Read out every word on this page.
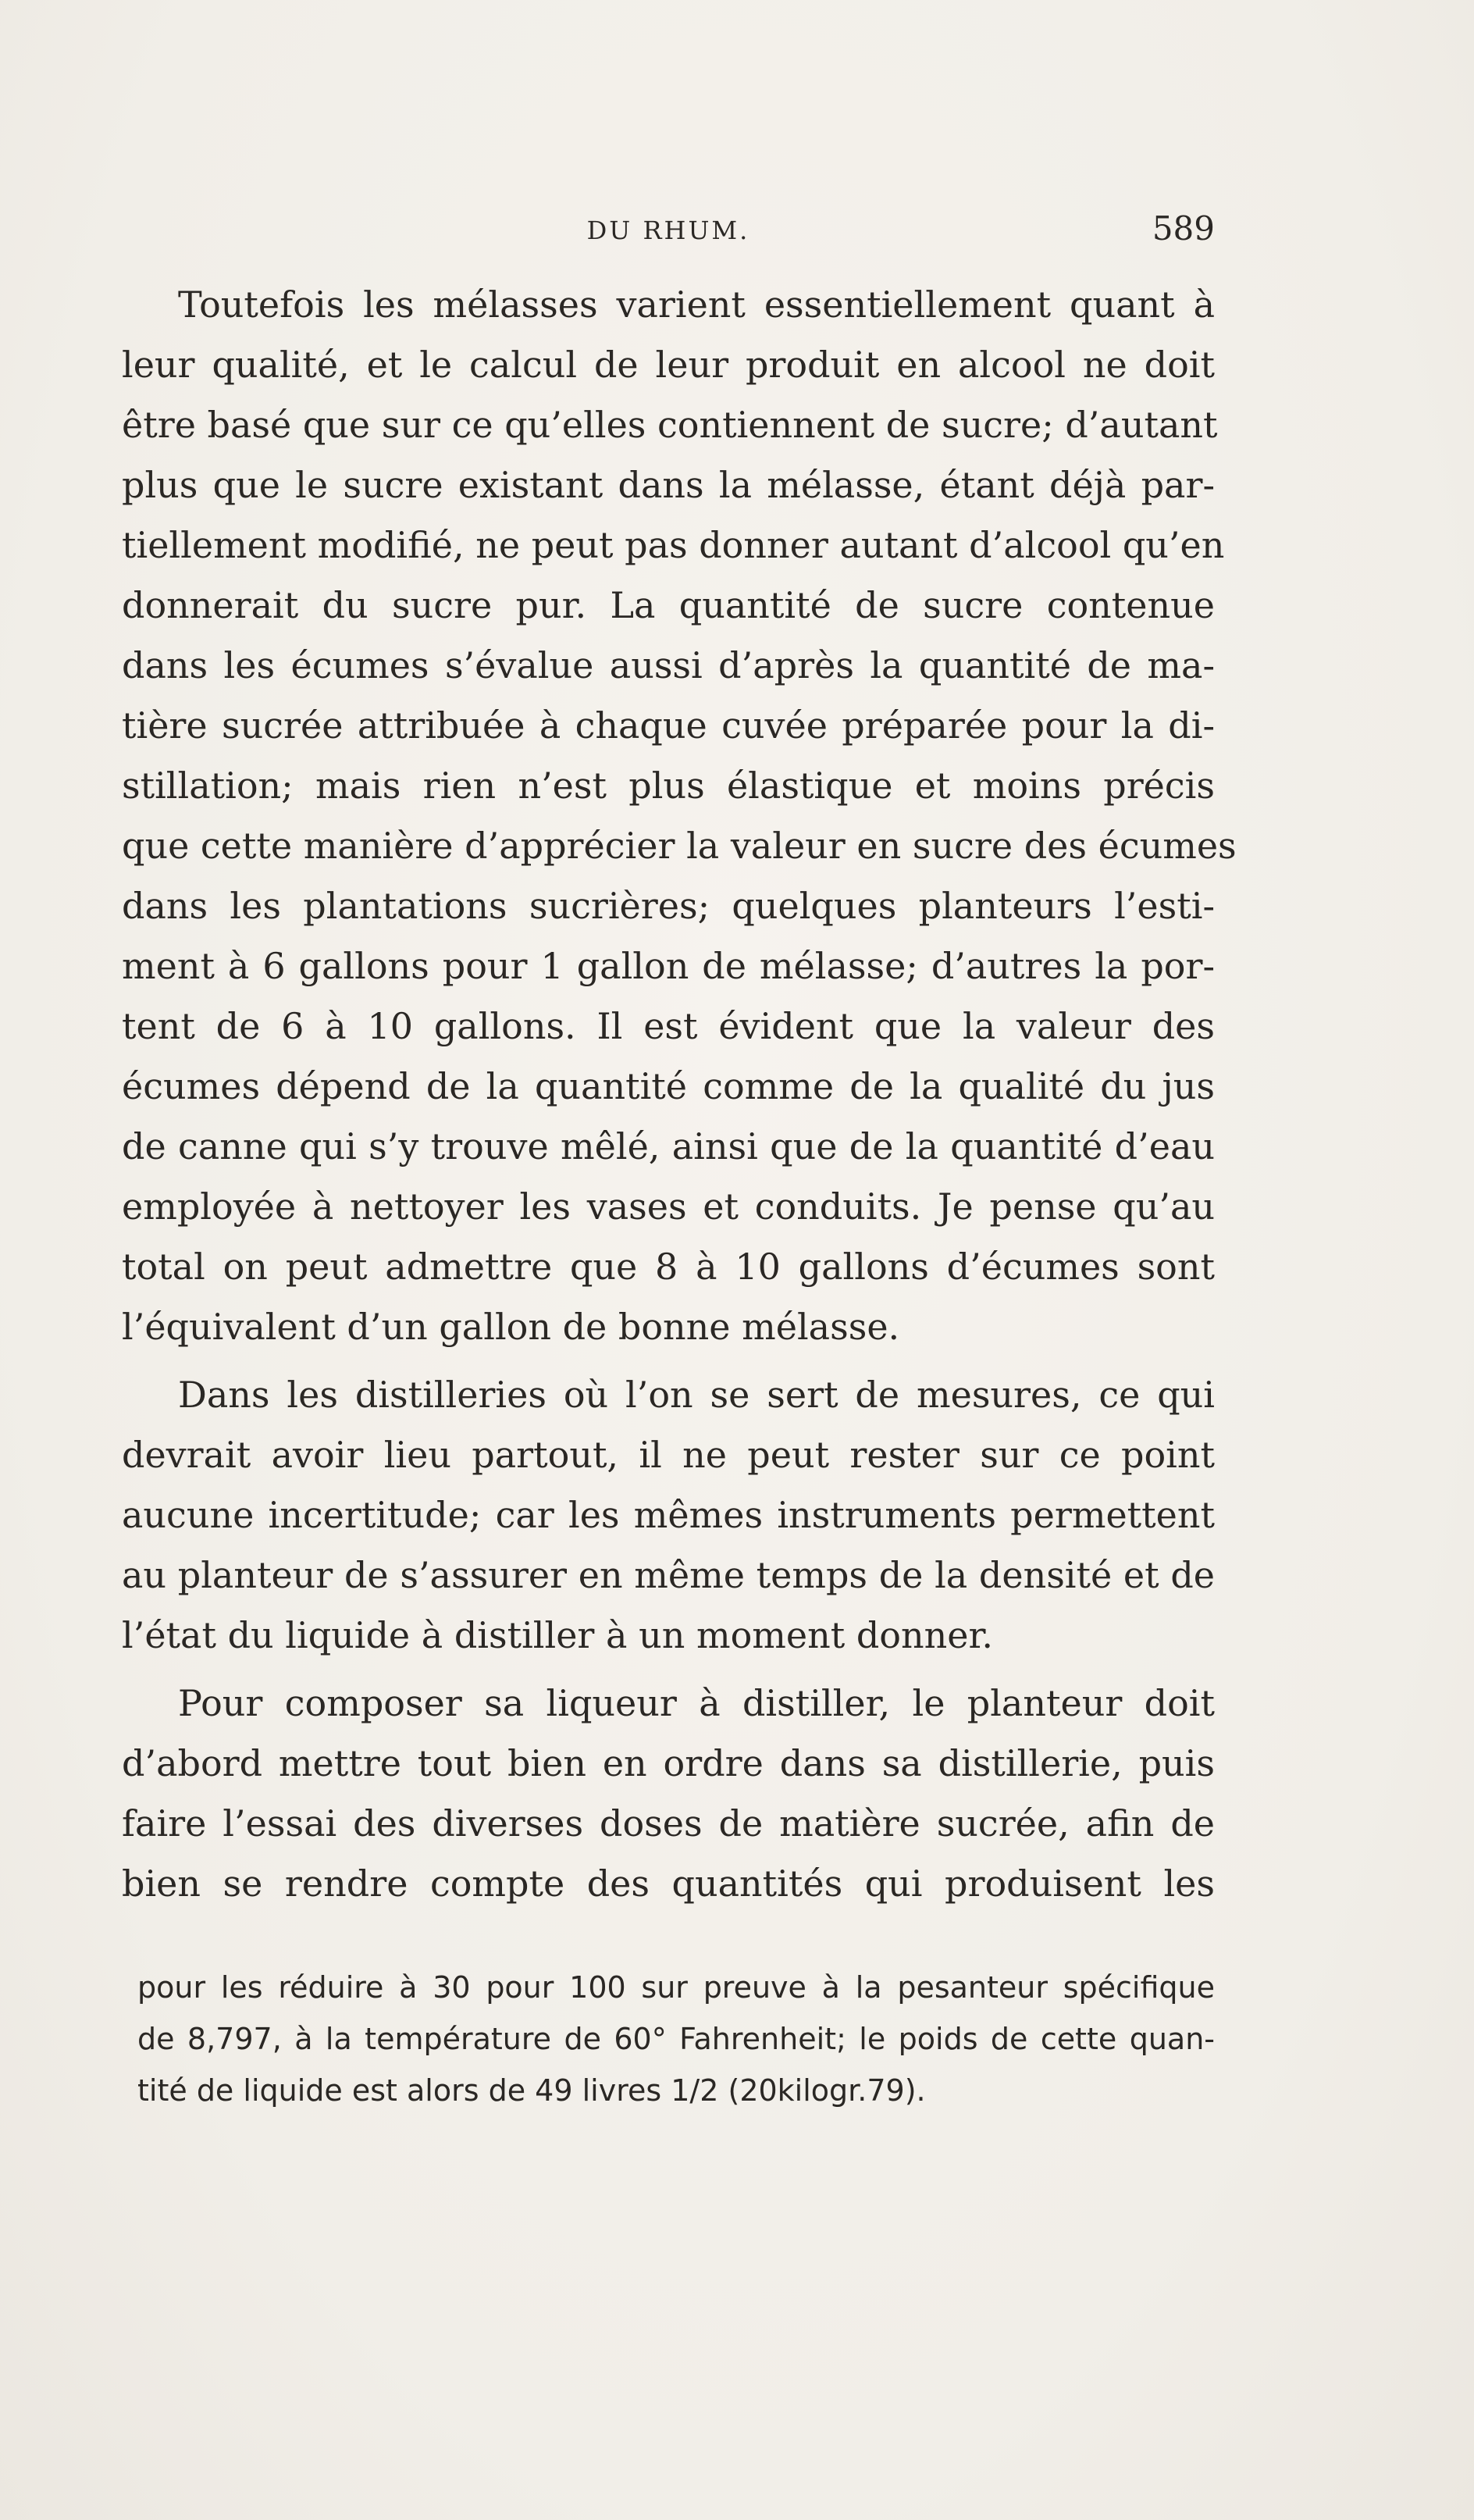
DU RHUM.	589
Toutefois les mélasses varient essentiellement quant à
leur qualité, et le calcul de leur produit en alcool ne doit
être basé que sur ce qu’elles contiennent de sucre; d’autant
plus que le sucre existant dans la mélasse, étant déjà par-
tiellement modifié, ne peut pas donner autant d’alcool qu’en
donnerait du sucre pur. La quantité de sucre contenue
dans les écumes s’évalue aussi d’après la quantité de ma-
tière sucrée attribuée à chaque cuvée préparée pour la di-
stillation; mais rien n’est plus élastique et moins précis
que cette manière d’apprécier la valeur en sucre des écumes
dans les plantations sucrières; quelques planteurs l’esti-
ment à 6 gallons pour 1 gallon de mélasse; d’autres la por-
tent de 6 à 10 gallons. Il est évident que la valeur des
écumes dépend de la quantité comme de la qualité du jus
de canne qui s’y trouve mêlé, ainsi que de la quantité d’eau
employée à nettoyer les vases et conduits. Je pense qu’au
total on peut admettre que 8 à 10 gallons d’écumes sont
l’équivalent d’un gallon de bonne mélasse.
Dans les distilleries où l’on se sert de mesures, ce qui
devrait avoir lieu partout, il ne peut rester sur ce point
aucune incertitude; car les mêmes instruments permettent
au planteur de s’assurer en même temps de la densité et de
l’état du liquide à distiller à un moment donner.
Pour composer sa liqueur à distiller, le planteur doit
d’abord mettre tout bien en ordre dans sa distillerie, puis
faire l’essai des diverses doses de matière sucrée, afin de
bien se rendre compte des quantités qui produisent les
pour les réduire à 30 pour 100 sur preuve à la pesanteur spécifique
de 8,797, à la température de 60° Fahrenheit; le poids de cette quan-
tité de liquide est alors de 49 livres 1/2 (20kilogr.79).
